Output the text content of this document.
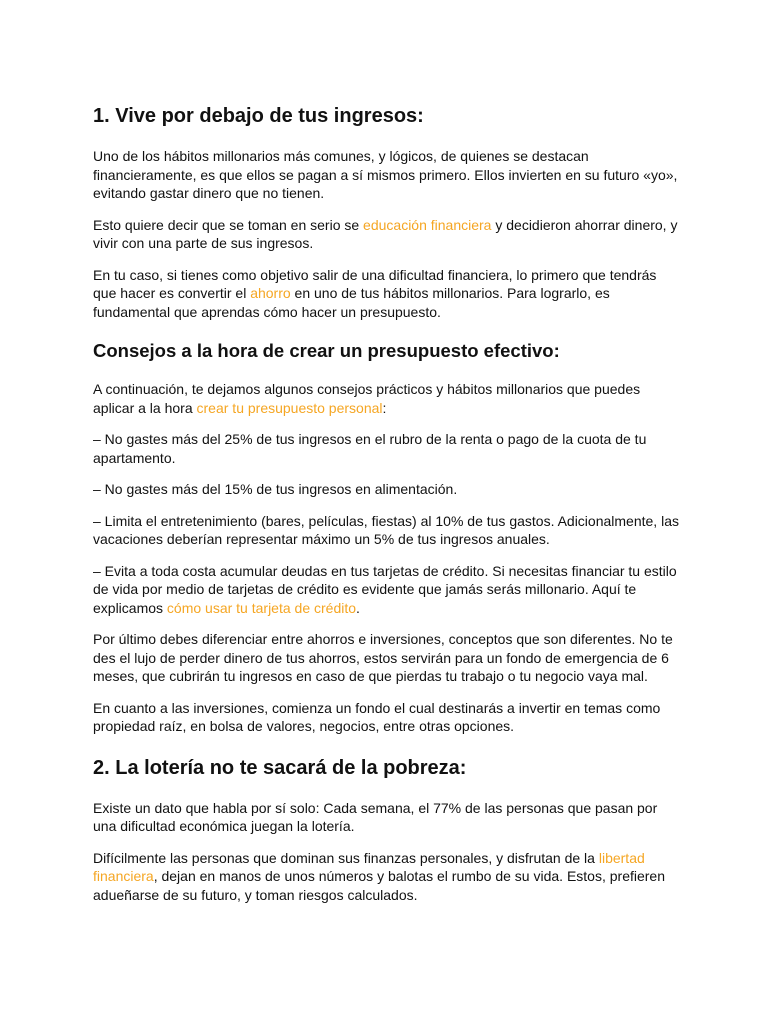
1. Vive por debajo de tus ingresos:

Uno de los hábitos millonarios más comunes, y lógicos, de quienes se destacan financieramente, es que ellos se pagan a sí mismos primero. Ellos invierten en su futuro «yo», evitando gastar dinero que no tienen.

Esto quiere decir que se toman en serio se educación financiera y decidieron ahorrar dinero, y vivir con una parte de sus ingresos.

En tu caso, si tienes como objetivo salir de una dificultad financiera, lo primero que tendrás que hacer es convertir el ahorro en uno de tus hábitos millonarios. Para lograrlo, es fundamental que aprendas cómo hacer un presupuesto.

Consejos a la hora de crear un presupuesto efectivo:

A continuación, te dejamos algunos consejos prácticos y hábitos millonarios que puedes aplicar a la hora crear tu presupuesto personal:

– No gastes más del 25% de tus ingresos en el rubro de la renta o pago de la cuota de tu apartamento.

– No gastes más del 15% de tus ingresos en alimentación.

– Limita el entretenimiento (bares, películas, fiestas) al 10% de tus gastos. Adicionalmente, las vacaciones deberían representar máximo un 5% de tus ingresos anuales.

– Evita a toda costa acumular deudas en tus tarjetas de crédito. Si necesitas financiar tu estilo de vida por medio de tarjetas de crédito es evidente que jamás serás millonario. Aquí te explicamos cómo usar tu tarjeta de crédito.

Por último debes diferenciar entre ahorros e inversiones, conceptos que son diferentes. No te des el lujo de perder dinero de tus ahorros, estos servirán para un fondo de emergencia de 6 meses, que cubrirán tu ingresos en caso de que pierdas tu trabajo o tu negocio vaya mal.

En cuanto a las inversiones, comienza un fondo el cual destinarás a invertir en temas como propiedad raíz, en bolsa de valores, negocios, entre otras opciones.

2. La lotería no te sacará de la pobreza:

Existe un dato que habla por sí solo: Cada semana, el 77% de las personas que pasan por una dificultad económica juegan la lotería.

Difícilmente las personas que dominan sus finanzas personales, y disfrutan de la libertad financiera, dejan en manos de unos números y balotas el rumbo de su vida. Estos, prefieren adueñarse de su futuro, y toman riesgos calculados.
